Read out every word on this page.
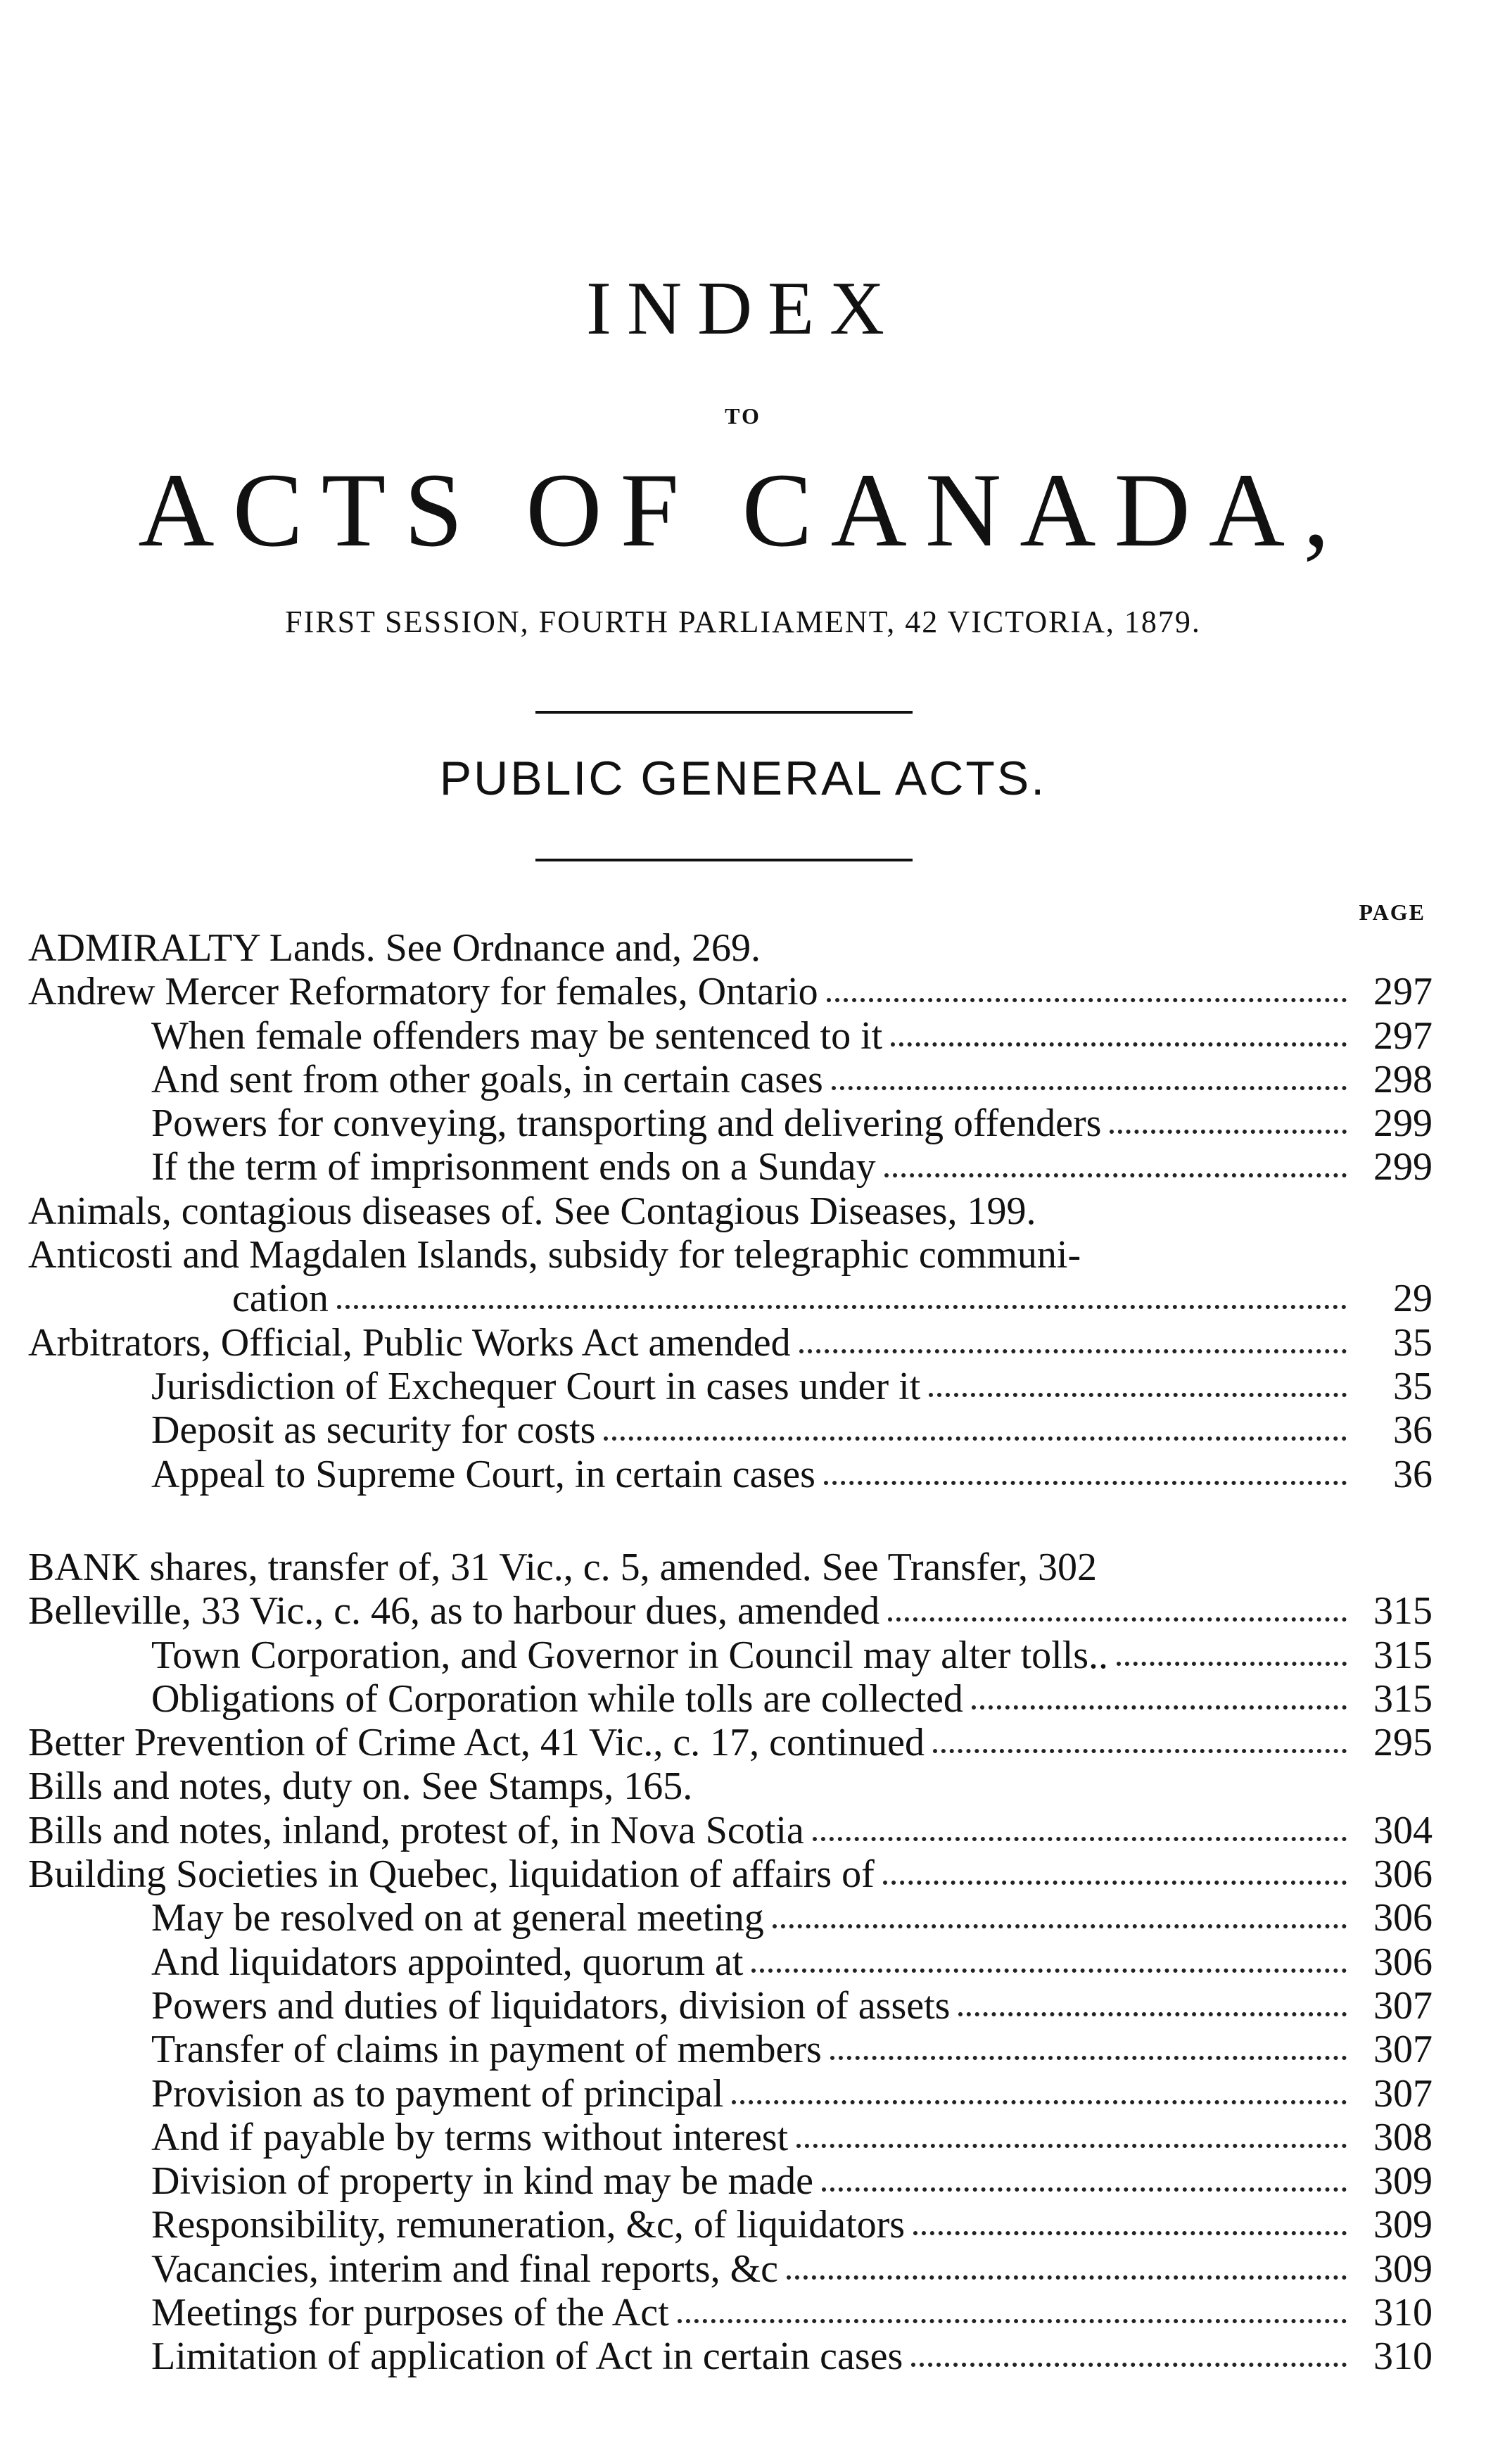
INDEX
TO
ACTS OF CANADA,
FIRST SESSION, FOURTH PARLIAMENT, 42 VICTORIA, 1879.
PUBLIC GENERAL ACTS.
PAGE
ADMIRALTY Lands. See Ordnance and, 269.
Andrew Mercer Reformatory for females, Ontario	297
When female offenders may be sentenced to it	297
And sent from other goals, in certain cases	298
Powers for conveying, transporting and delivering offenders	299
If the term of imprisonment ends on a Sunday	299
Animals, contagious diseases of. See Contagious Diseases, 199.
Anticosti and Magdalen Islands, subsidy for telegraphic communi-
cation	29
Arbitrators, Official, Public Works Act amended	35
Jurisdiction of Exchequer Court in cases under it	35
Deposit as security for costs	36
Appeal to Supreme Court, in certain cases	36
BANK shares, transfer of, 31 Vic., c. 5, amended. See Transfer, 302
Belleville, 33 Vic., c. 46, as to harbour dues, amended	315
Town Corporation, and Governor in Council may alter tolls..	315
Obligations of Corporation while tolls are collected	315
Better Prevention of Crime Act, 41 Vic., c. 17, continued	295
Bills and notes, duty on. See Stamps, 165.
Bills and notes, inland, protest of, in Nova Scotia	304
Building Societies in Quebec, liquidation of affairs of	306
May be resolved on at general meeting	306
And liquidators appointed, quorum at	306
Powers and duties of liquidators, division of assets	307
Transfer of claims in payment of members	307
Provision as to payment of principal	307
And if payable by terms without interest	308
Division of property in kind may be made	309
Responsibility, remuneration, &c, of liquidators	309
Vacancies, interim and final reports, &c	309
Meetings for purposes of the Act	310
Limitation of application of Act in certain cases	310
